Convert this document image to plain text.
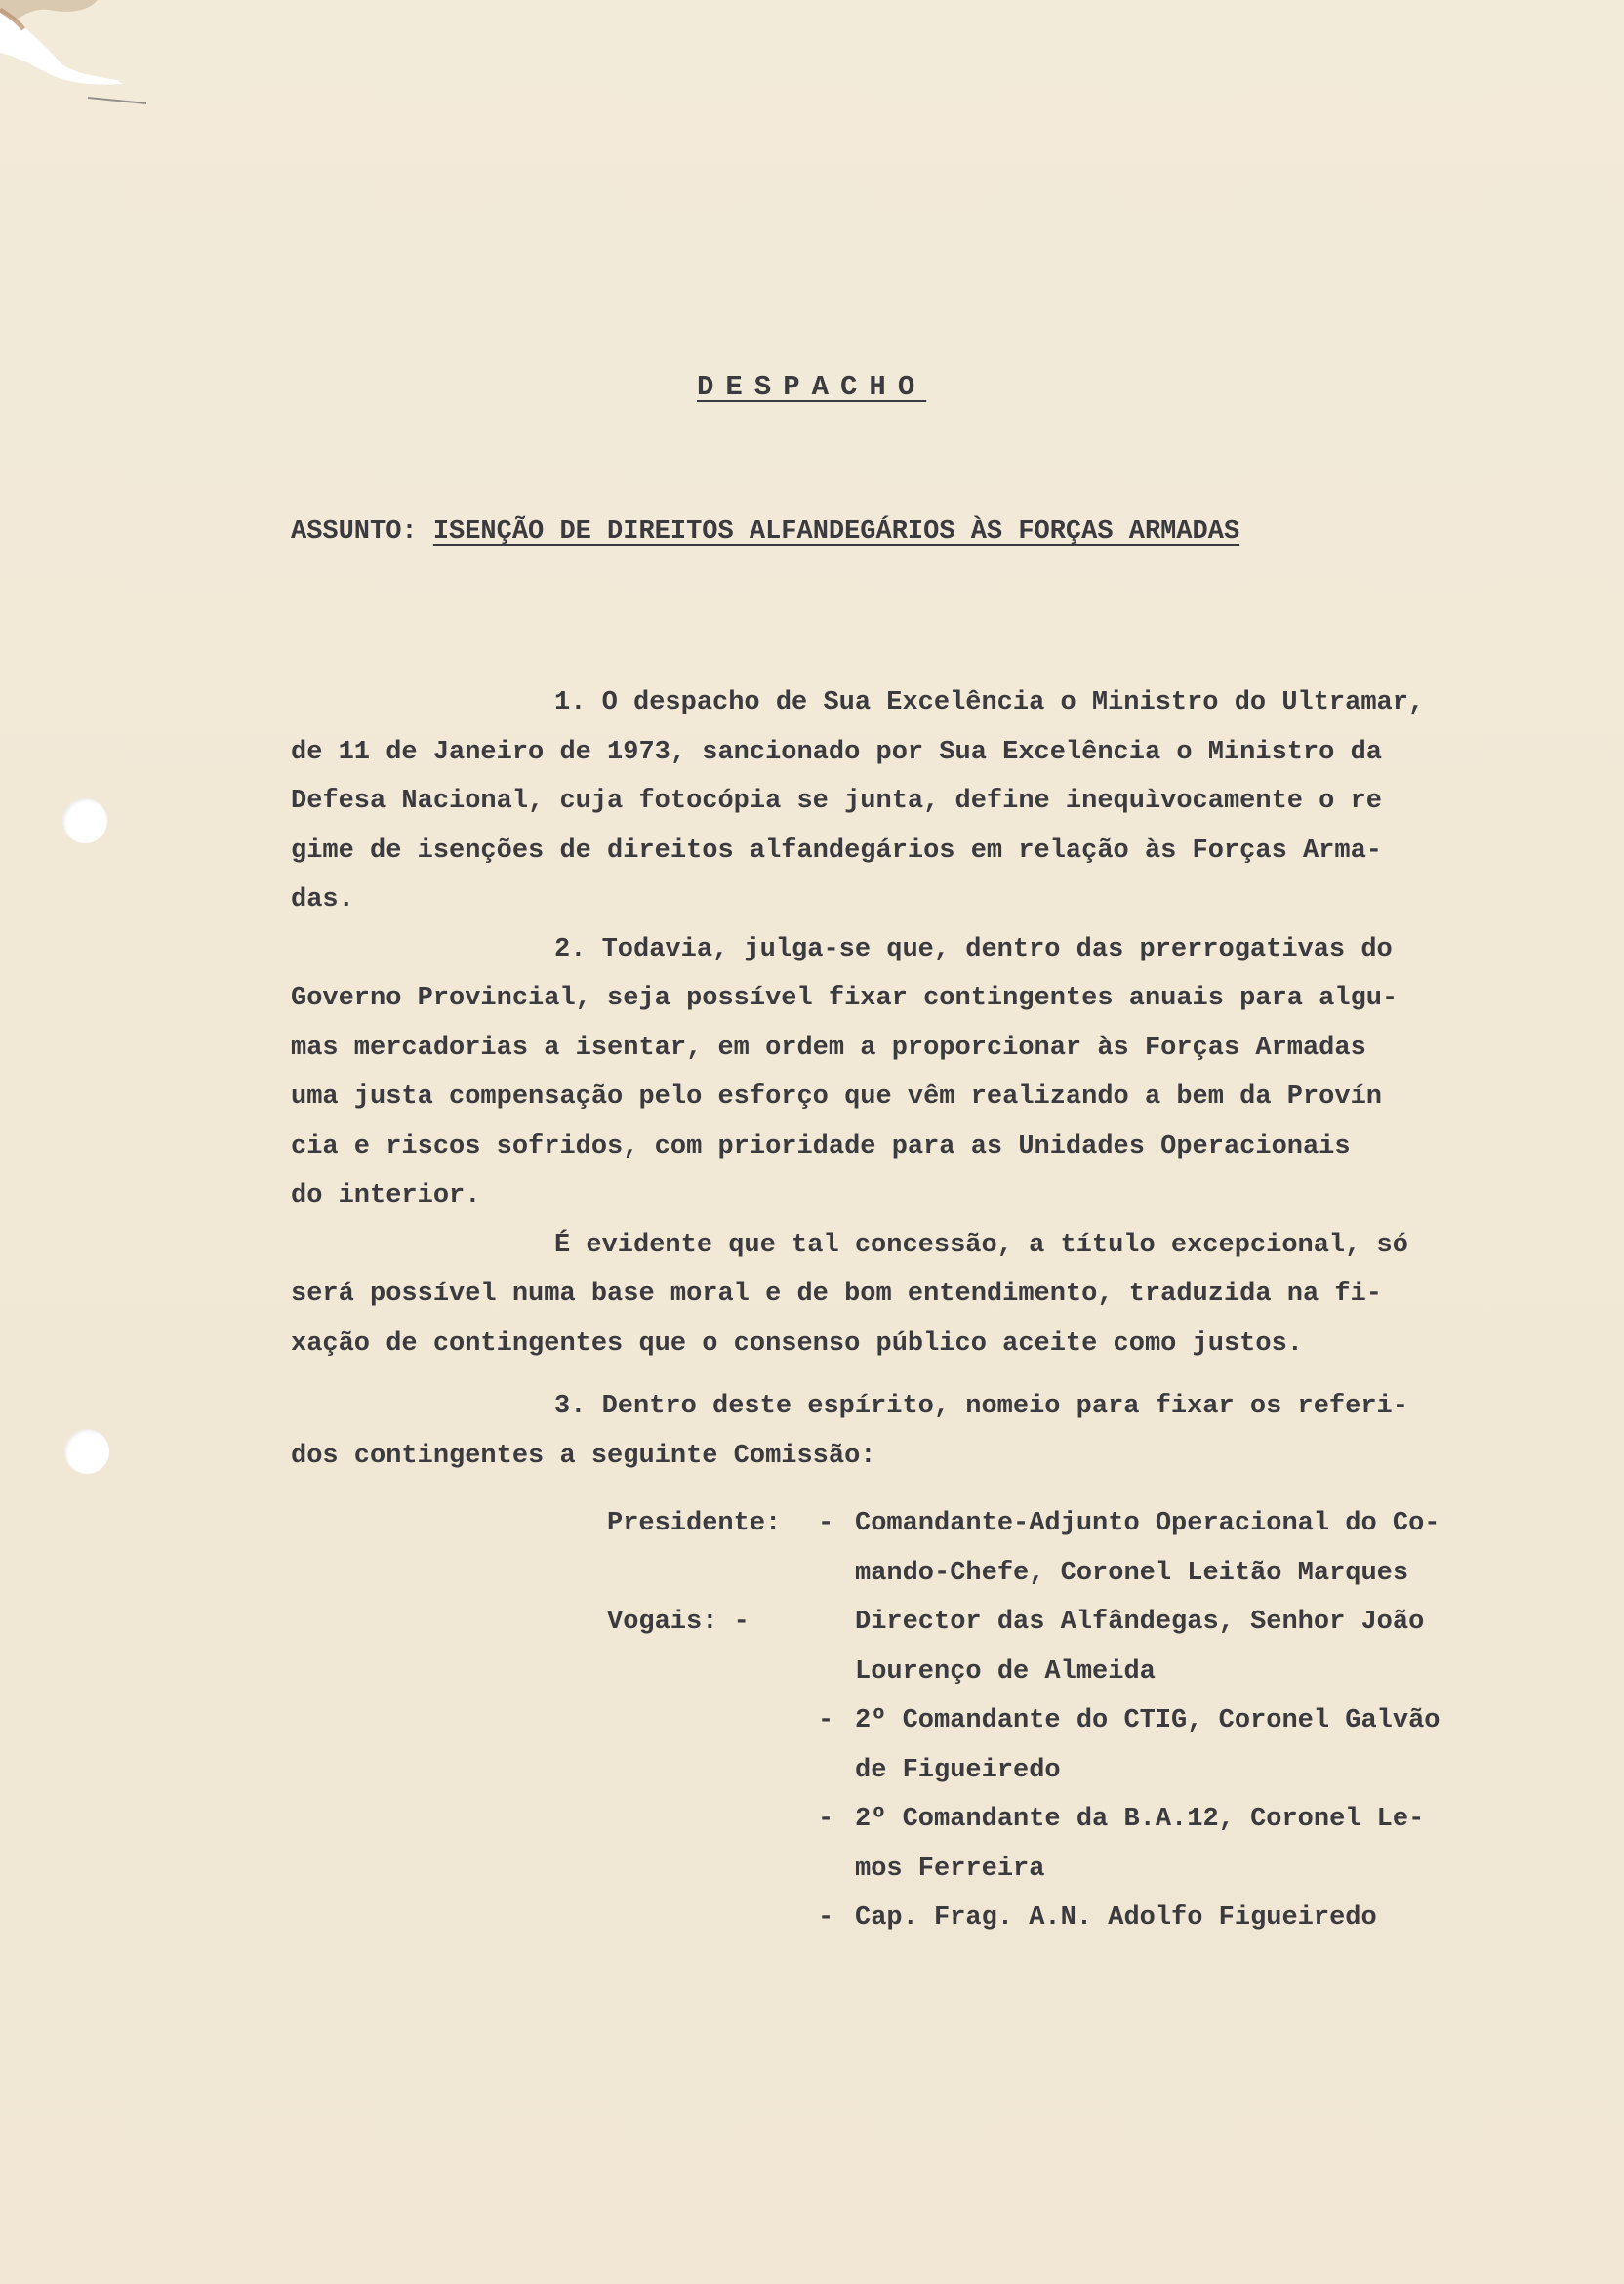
DESPACHO
ASSUNTO: ISENÇÃO DE DIREITOS ALFANDEGÁRIOS ÀS FORÇAS ARMADAS
1. O despacho de Sua Excelência o Ministro do Ultramar,
de 11 de Janeiro de 1973, sancionado por Sua Excelência o Ministro da
Defesa Nacional, cuja fotocópia se junta, define inequìvocamente o re
gime de isenções de direitos alfandegários em relação às Forças Arma-
das.
2. Todavia, julga-se que, dentro das prerrogativas do
Governo Provincial, seja possível fixar contingentes anuais para algu-
mas mercadorias a isentar, em ordem a proporcionar às Forças Armadas
uma justa compensação pelo esforço que vêm realizando a bem da Provín
cia e riscos sofridos, com prioridade para as Unidades Operacionais
do interior.
É evidente que tal concessão, a título excepcional, só
será possível numa base moral e de bom entendimento, traduzida na fi-
xação de contingentes que o consenso público aceite como justos.
3. Dentro deste espírito, nomeio para fixar os referi-
dos contingentes a seguinte Comissão:
Presidente: - Comandante-Adjunto Operacional do Co-
mando-Chefe, Coronel Leitão Marques
Vogais: -	Director das Alfândegas, Senhor João
Lourenço de Almeida
- 2º Comandante do CTIG, Coronel Galvão
de Figueiredo
- 2º Comandante da B.A.12, Coronel Le-
mos Ferreira
- Cap. Frag. A.N. Adolfo Figueiredo
